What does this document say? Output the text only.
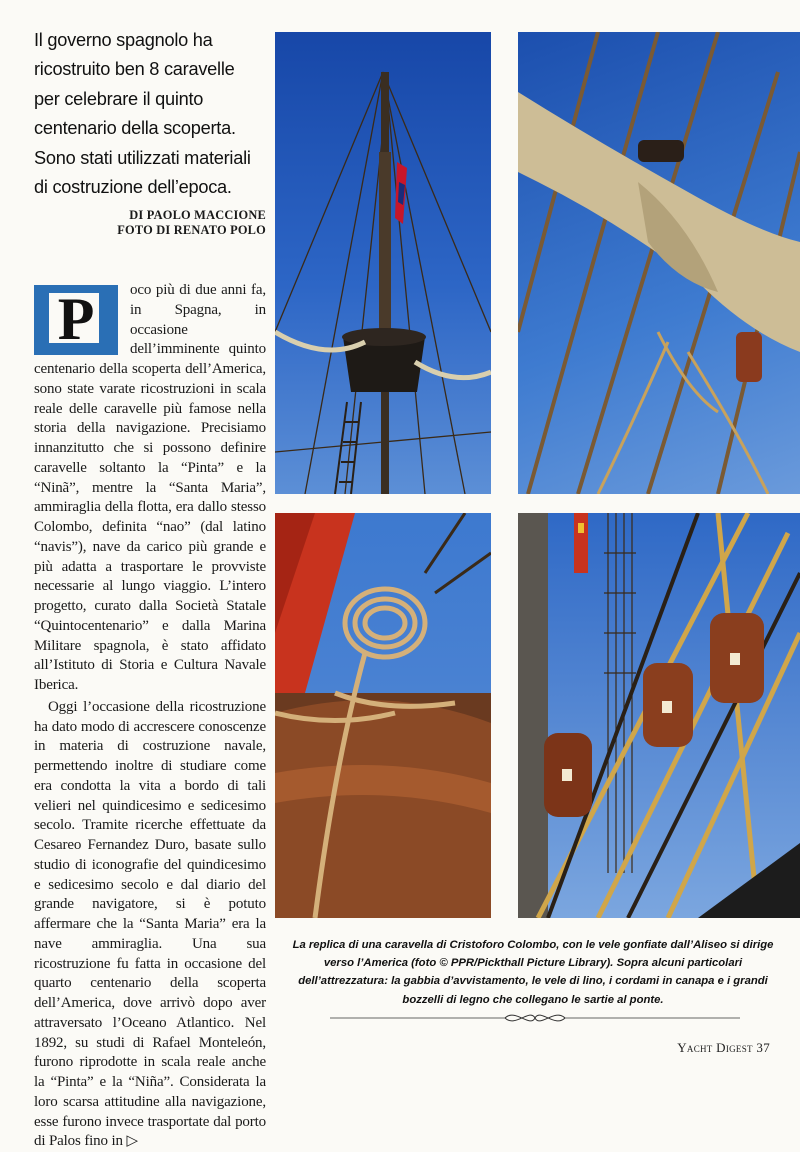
Il governo spagnolo ha
ricostruito ben 8 caravelle
per celebrare il quinto
centenario della scoperta.
Sono stati utilizzati materiali
di costruzione dell’epoca.
DI PAOLO MACCIONE
FOTO DI RENATO POLO

P	oco più di due anni fa, in Spagna, in occasione dell’imminente quinto centenario della scoperta dell’America, sono state varate ricostruzioni in scala reale delle caravelle più famose nella storia della navigazione. Precisiamo innanzitutto che si possono definire caravelle soltanto la “Pinta” e la “Ninã”, mentre la “Santa Maria”, ammiraglia della flotta, era dallo stesso Colombo, definita “nao” (dal latino “navis”), nave da carico più grande e più adatta a trasportare le provviste necessarie al lungo viaggio. L’intero progetto, curato dalla Società Statale “Quintocentenario” e dalla Marina Militare spagnola, è stato affidato all’Istituto di Storia e Cultura Navale Iberica.

Oggi l’occasione della ricostruzione ha dato modo di accrescere conoscenze in materia di costruzione navale, permettendo inoltre di studiare come era condotta la vita a bordo di tali velieri nel quindicesimo e sedicesimo secolo. Tramite ricerche effettuate da Cesareo Fernandez Duro, basate sullo studio di iconografie del quindicesimo e sedicesimo secolo e dal diario del grande navigatore, si è potuto affermare che la “Santa Maria” era la nave ammiraglia. Una sua ricostruzione fu fatta in occasione del quarto centenario della scoperta dell’America, dove arrivò dopo aver attraversato l’Oceano Atlantico. Nel 1892, su studi di Rafael Monteleón, furono riprodotte in scala reale anche la “Pinta” e la “Niña”. Considerata la loro scarsa attitudine alla navigazione, esse furono invece trasportate dal porto di Palos fino in ▷

La replica di una caravella di Cristoforo Colombo, con le vele gonfiate dall’Aliseo si dirige verso l’America (foto © PPR/Pickthall Picture Library). Sopra alcuni particolari dell’attrezzatura: la gabbia d’avvistamento, le vele di lino, i cordami in canapa e i grandi bozzelli di legno che collegano le sartie al ponte.
Yacht Digest 37
